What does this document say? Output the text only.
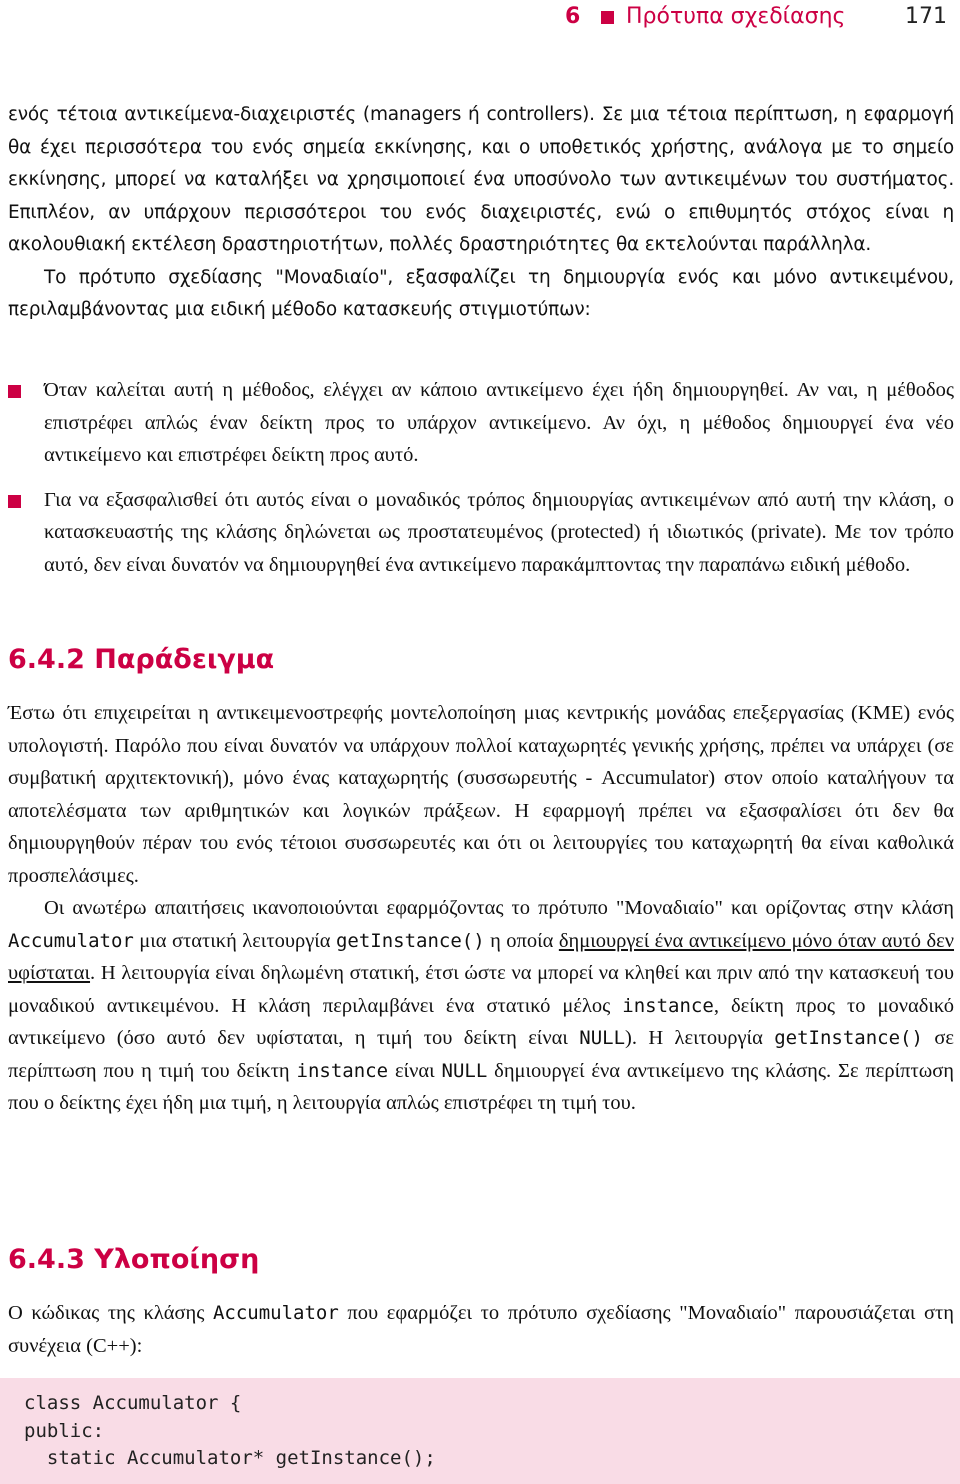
6 Πρότυπα σχεδίασης	171

ενός τέτοια αντικείμενα-διαχειριστές (managers ή controllers). Σε μια τέτοια περίπτωση, η εφαρμογή θα έχει περισσότερα του ενός σημεία εκκίνησης, και ο υποθετικός χρήστης, ανάλογα με το σημείο εκκίνησης, μπορεί να καταλήξει να χρησιμοποιεί ένα υποσύνολο των αντικειμένων του συστήματος. Επιπλέον, αν υπάρχουν περισσότεροι του ενός διαχειριστές, ενώ ο επιθυμητός στόχος είναι η ακολουθιακή εκτέλεση δραστηριοτήτων, πολλές δραστηριότητες θα εκτελούνται παράλληλα.

Το πρότυπο σχεδίασης "Μοναδιαίο", εξασφαλίζει τη δημιουργία ενός και μόνο αντικειμένου, περιλαμβάνοντας μια ειδική μέθοδο κατασκευής στιγμιοτύπων:

Όταν καλείται αυτή η μέθοδος, ελέγχει αν κάποιο αντικείμενο έχει ήδη δημιουργηθεί. Αν ναι, η μέθοδος επιστρέφει απλώς έναν δείκτη προς το υπάρχον αντικείμενο. Αν όχι, η μέθοδος δημιουργεί ένα νέο αντικείμενο και επιστρέφει δείκτη προς αυτό.

Για να εξασφαλισθεί ότι αυτός είναι ο μοναδικός τρόπος δημιουργίας αντικειμένων από αυτή την κλάση, ο κατασκευαστής της κλάσης δηλώνεται ως προστατευμένος (protected) ή ιδιωτικός (private). Με τον τρόπο αυτό, δεν είναι δυνατόν να δημιουργηθεί ένα αντικείμενο παρακάμπτοντας την παραπάνω ειδική μέθοδο.

6.4.2 Παράδειγμα

Έστω ότι επιχειρείται η αντικειμενοστρεφής μοντελοποίηση μιας κεντρικής μονάδας επεξεργασίας (ΚΜΕ) ενός υπολογιστή. Παρόλο που είναι δυνατόν να υπάρχουν πολλοί καταχωρητές γενικής χρήσης, πρέπει να υπάρχει (σε συμβατική αρχιτεκτονική), μόνο ένας καταχωρητής (συσσωρευτής - Accumulator) στον οποίο καταλήγουν τα αποτελέσματα των αριθμητικών και λογικών πράξεων. Η εφαρμογή πρέπει να εξασφαλίσει ότι δεν θα δημιουργηθούν πέραν του ενός τέτοιοι συσσωρευτές και ότι οι λειτουργίες του καταχωρητή θα είναι καθολικά προσπελάσιμες.

Οι ανωτέρω απαιτήσεις ικανοποιούνται εφαρμόζοντας το πρότυπο "Μοναδιαίο" και ορίζοντας στην κλάση Accumulator μια στατική λειτουργία getInstance() η οποία δημιουργεί ένα αντικείμενο μόνο όταν αυτό δεν υφίσταται. Η λειτουργία είναι δηλωμένη στατική, έτσι ώστε να μπορεί να κληθεί και πριν από την κατασκευή του μοναδικού αντικειμένου. Η κλάση περιλαμβάνει ένα στατικό μέλος instance, δείκτη προς το μοναδικό αντικείμενο (όσο αυτό δεν υφίσταται, η τιμή του δείκτη είναι NULL). Η λειτουργία getInstance() σε περίπτωση που η τιμή του δείκτη instance είναι NULL δημιουργεί ένα αντικείμενο της κλάσης. Σε περίπτωση που ο δείκτης έχει ήδη μια τιμή, η λειτουργία απλώς επιστρέφει τη τιμή του.

6.4.3 Υλοποίηση

Ο κώδικας της κλάσης Accumulator που εφαρμόζει το πρότυπο σχεδίασης "Μοναδιαίο" παρουσιάζεται στη συνέχεια (C++):

class Accumulator {
public:
static Accumulator* getInstance();
